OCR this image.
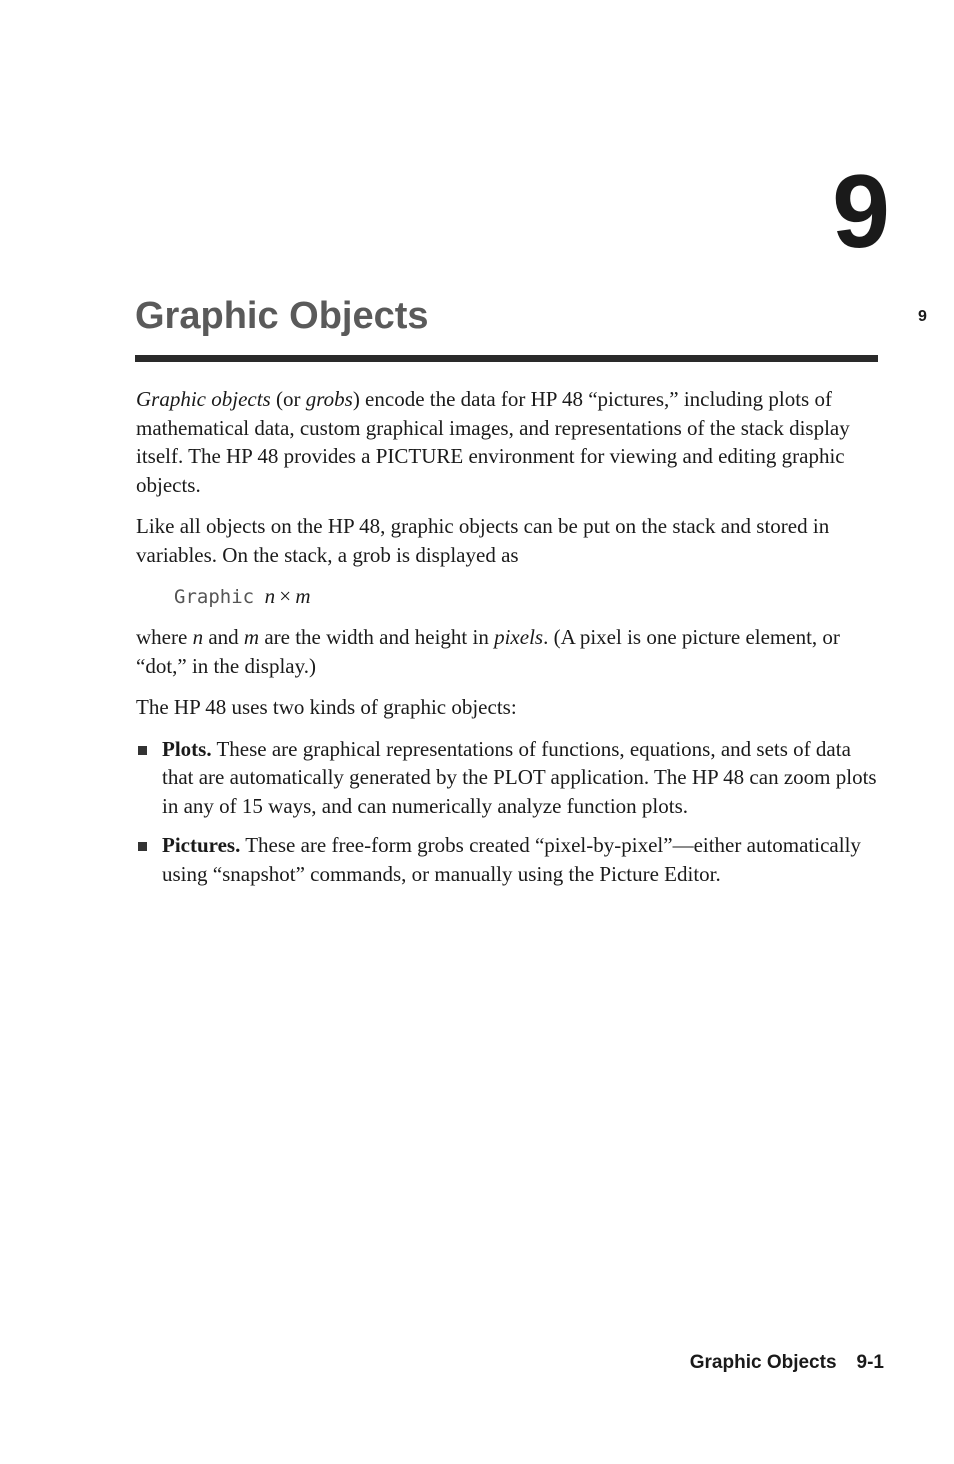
9
Graphic Objects	9

Graphic objects (or grobs) encode the data for HP 48 “pictures,” including plots of mathematical data, custom graphical images, and representations of the stack display itself. The HP 48 provides a PICTURE environment for viewing and editing graphic objects.

Like all objects on the HP 48, graphic objects can be put on the stack and stored in variables. On the stack, a grob is displayed as

Graphic n  ×  m

where n and m are the width and height in pixels. (A pixel is one picture element, or “dot,” in the display.)

The HP 48 uses two kinds of graphic objects:

Plots. These are graphical representations of functions, equations, and sets of data that are automatically generated by the PLOT application. The HP 48 can zoom plots in any of 15 ways, and can numerically analyze function plots.
Pictures. These are free-form grobs created “pixel-by-pixel”—either automatically using “snapshot” commands, or manually using the Picture Editor.
Graphic Objects 9-1
